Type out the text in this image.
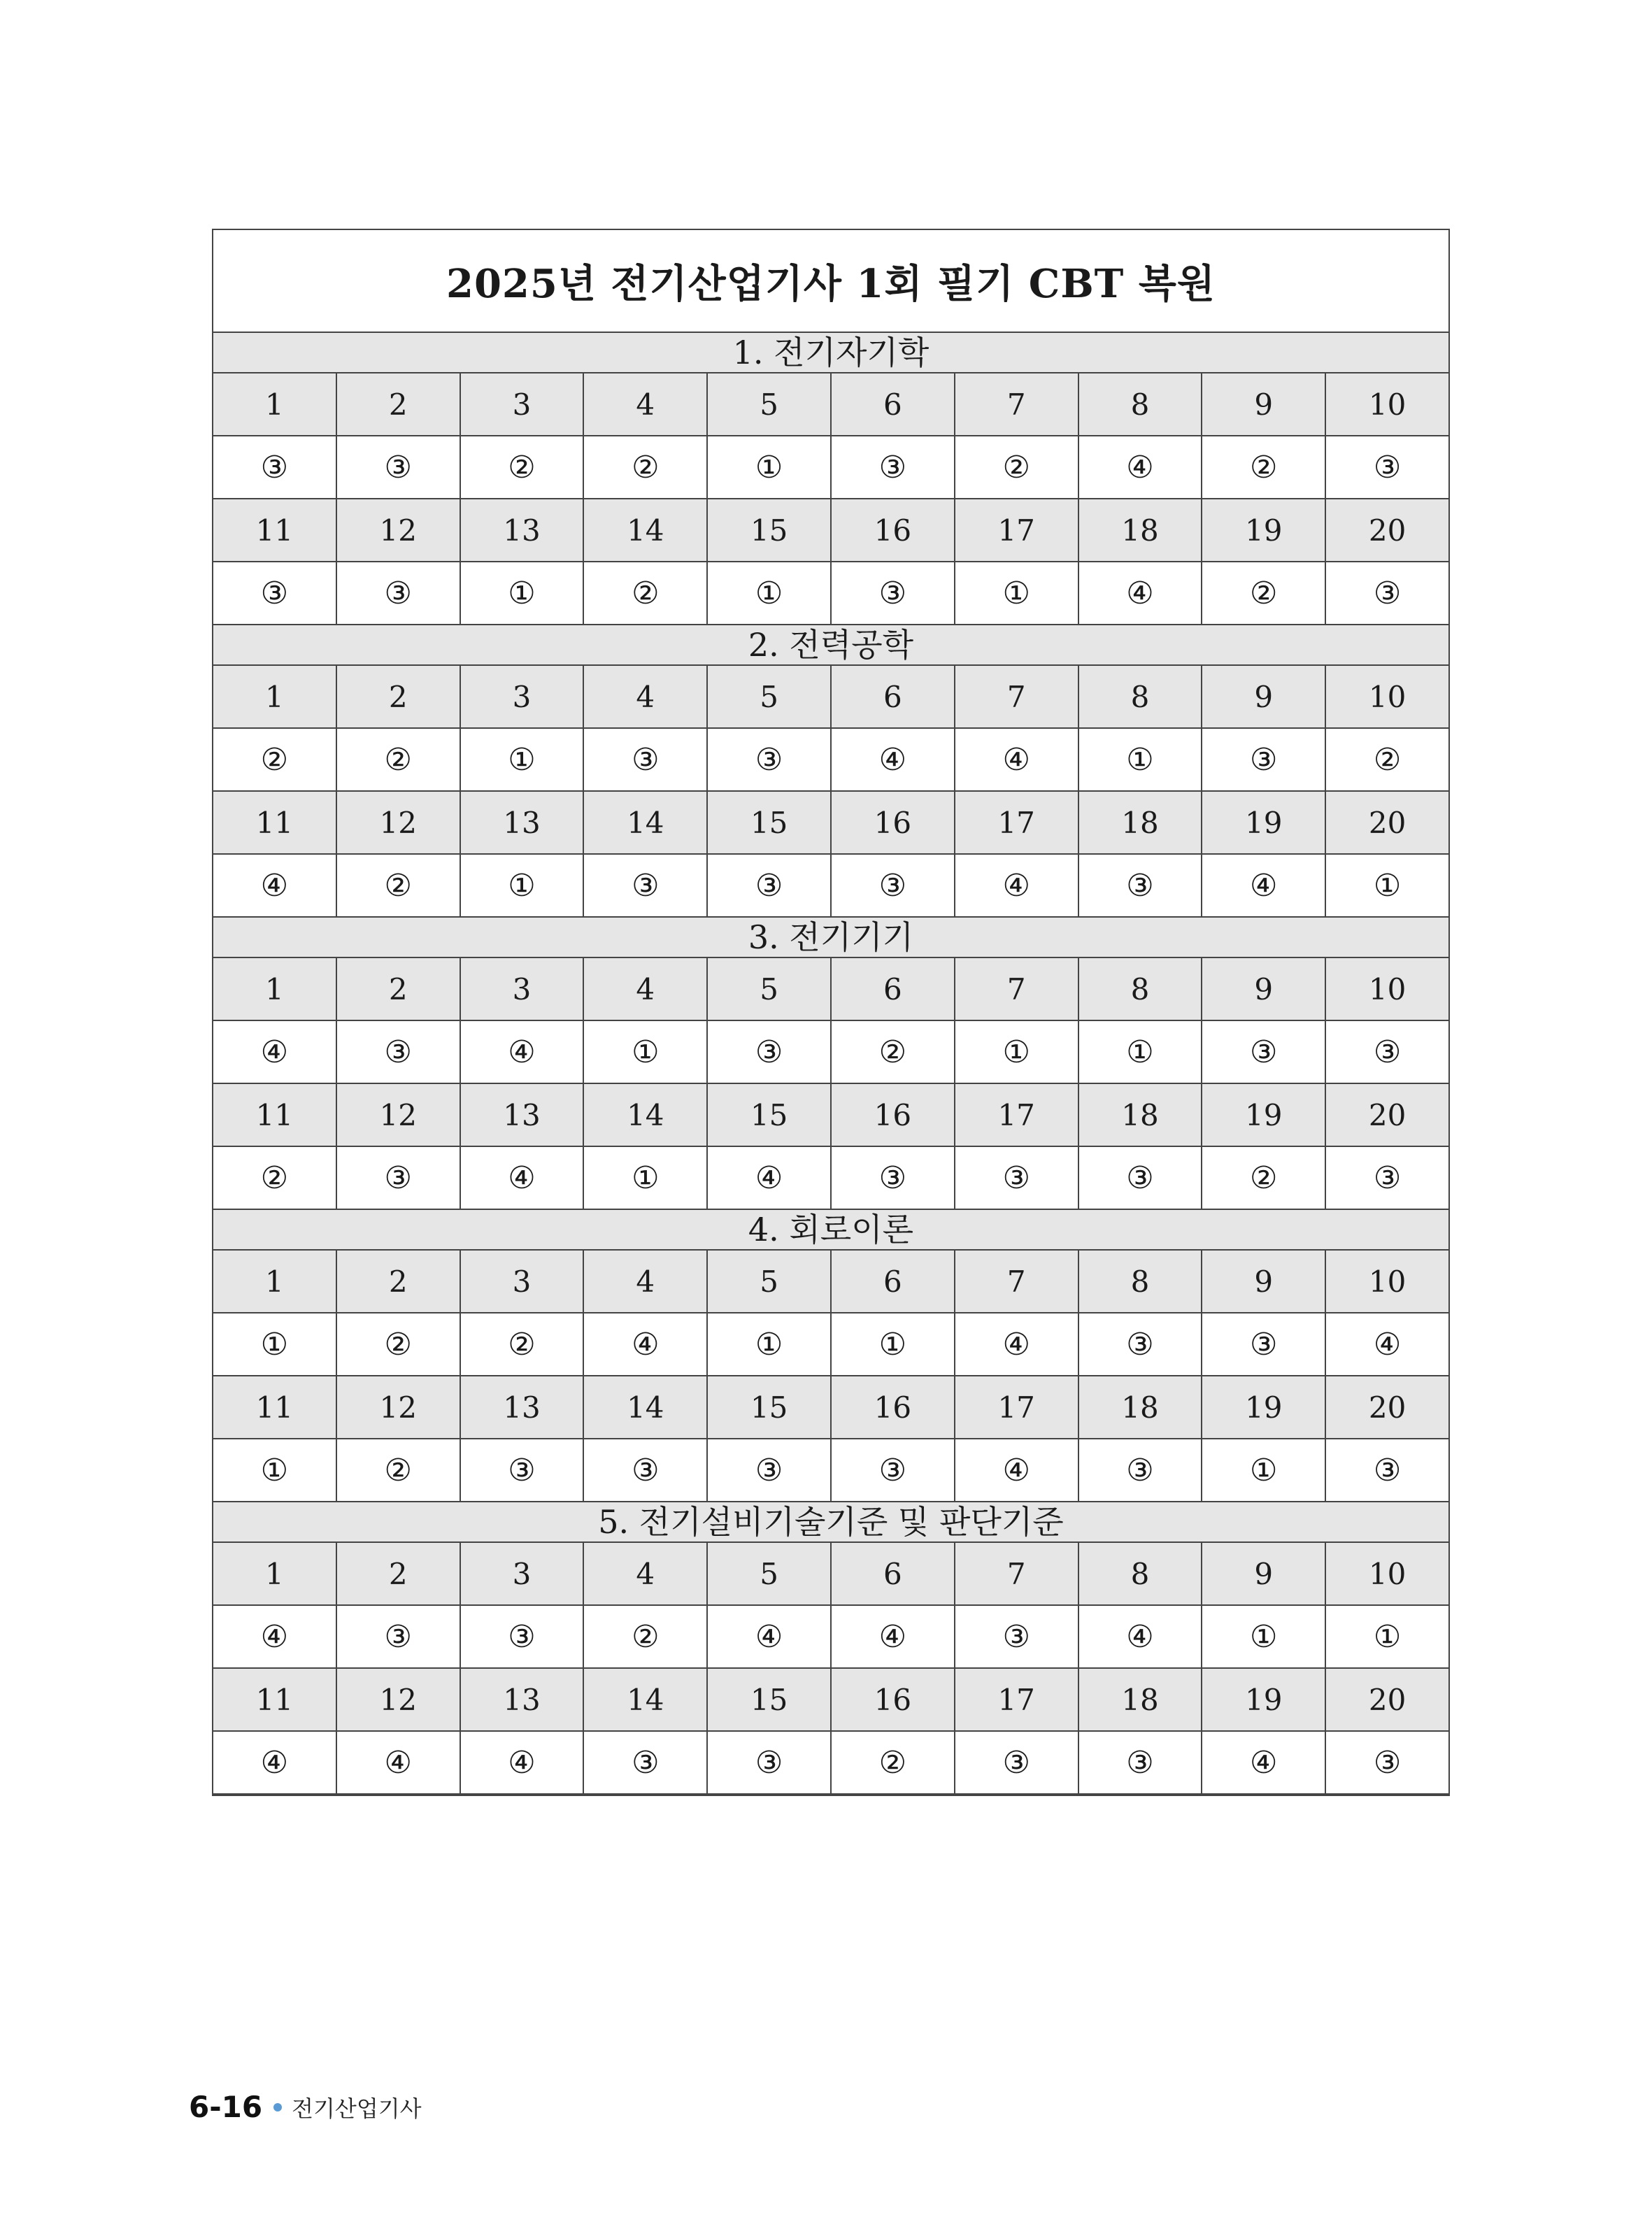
2025년 전기산업기사 1회 필기 CBT 복원
1. 전기자기학
1	2	3	4	5	6	7	8	9	10
③	③	②	②	①	③	②	④	②	③
11	12	13	14	15	16	17	18	19	20
③	③	①	②	①	③	①	④	②	③
2. 전력공학
1	2	3	4	5	6	7	8	9	10
②	②	①	③	③	④	④	①	③	②
11	12	13	14	15	16	17	18	19	20
④	②	①	③	③	③	④	③	④	①
3. 전기기기
1	2	3	4	5	6	7	8	9	10
④	③	④	①	③	②	①	①	③	③
11	12	13	14	15	16	17	18	19	20
②	③	④	①	④	③	③	③	②	③
4. 회로이론
1	2	3	4	5	6	7	8	9	10
①	②	②	④	①	①	④	③	③	④
11	12	13	14	15	16	17	18	19	20
①	②	③	③	③	③	④	③	①	③
5. 전기설비기술기준 및 판단기준
1	2	3	4	5	6	7	8	9	10
④	③	③	②	④	④	③	④	①	①
11	12	13	14	15	16	17	18	19	20
④	④	④	③	③	②	③	③	④	③
6-16 전기산업기사
